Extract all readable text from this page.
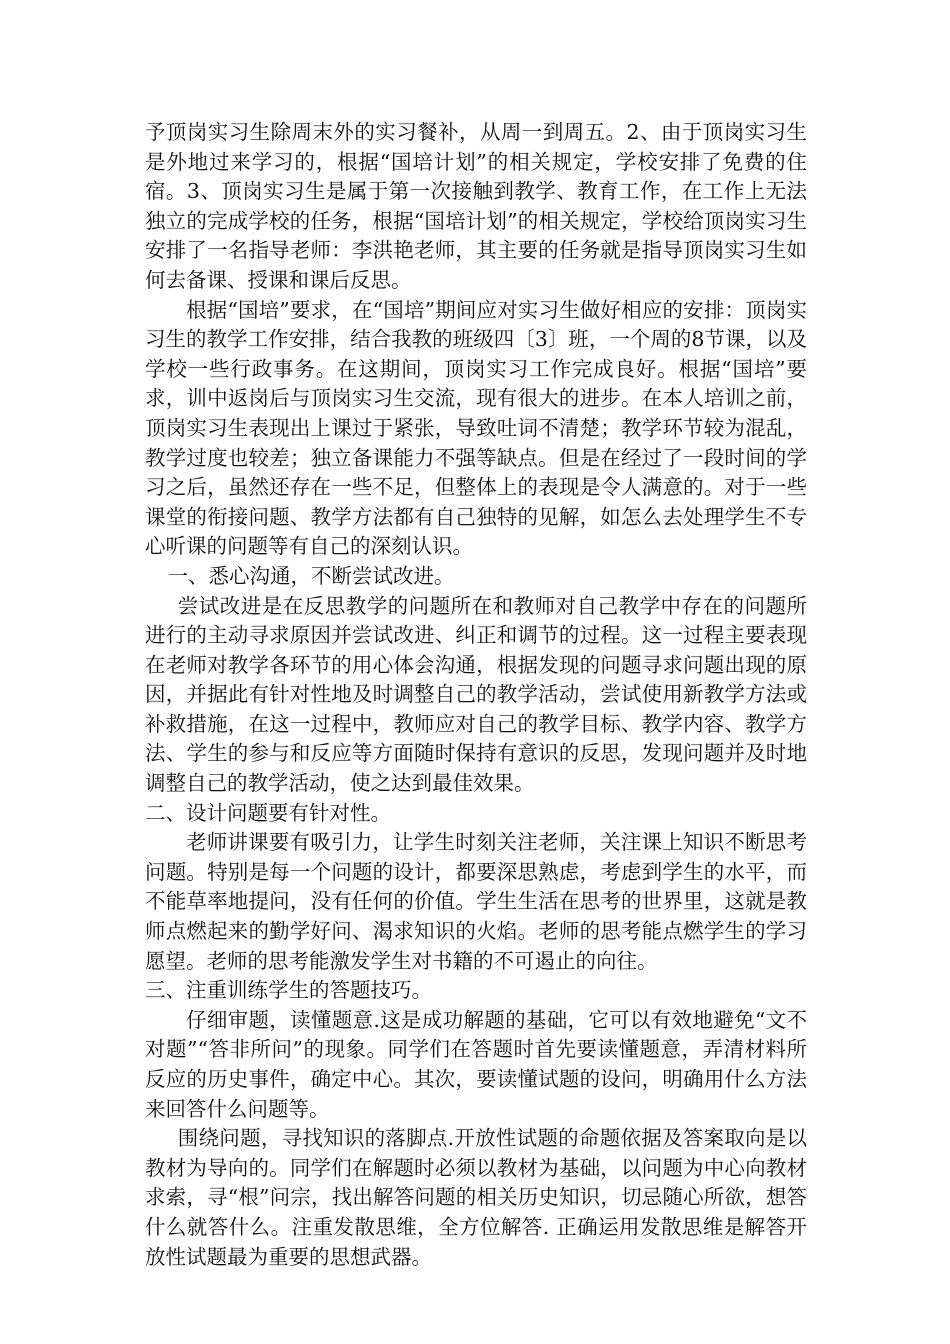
予顶岗实习生除周末外的实习餐补，从周一到周五。2、由于顶岗实习生是外地过来学习的，根据“国培计划”的相关规定，学校安排了免费的住宿。3、顶岗实习生是属于第一次接触到教学、教育工作，在工作上无法独立的完成学校的任务，根据“国培计划”的相关规定，学校给顶岗实习生安排了一名指导老师：李洪艳老师，其主要的任务就是指导顶岗实习生如何去备课、授课和课后反思。

根据“国培”要求，在“国培”期间应对实习生做好相应的安排：顶岗实习生的教学工作安排，结合我教的班级四〔3〕班，一个周的8节课，以及学校一些行政事务。在这期间，顶岗实习工作完成良好。根据“国培”要求，训中返岗后与顶岗实习生交流，现有很大的进步。在本人培训之前，顶岗实习生表现出上课过于紧张，导致吐词不清楚；教学环节较为混乱，教学过度也较差；独立备课能力不强等缺点。但是在经过了一段时间的学习之后，虽然还存在一些不足，但整体上的表现是令人满意的。对于一些课堂的衔接问题、教学方法都有自己独特的见解，如怎么去处理学生不专心听课的问题等有自己的深刻认识。

一、悉心沟通，不断尝试改进。

尝试改进是在反思教学的问题所在和教师对自己教学中存在的问题所进行的主动寻求原因并尝试改进、纠正和调节的过程。这一过程主要表现在老师对教学各环节的用心体会沟通，根据发现的问题寻求问题出现的原因，并据此有针对性地及时调整自己的教学活动，尝试使用新教学方法或补救措施，在这一过程中，教师应对自己的教学目标、教学内容、教学方法、学生的参与和反应等方面随时保持有意识的反思，发现问题并及时地调整自己的教学活动，使之达到最佳效果。

二、设计问题要有针对性。

老师讲课要有吸引力，让学生时刻关注老师，关注课上知识不断思考问题。特别是每一个问题的设计，都要深思熟虑，考虑到学生的水平，而不能草率地提问，没有任何的价值。学生生活在思考的世界里，这就是教师点燃起来的勤学好问、渴求知识的火焰。老师的思考能点燃学生的学习愿望。老师的思考能激发学生对书籍的不可遏止的向往。

三、注重训练学生的答题技巧。

仔细审题，读懂题意.这是成功解题的基础，它可以有效地避免“文不对题”“答非所问”的现象。同学们在答题时首先要读懂题意，弄清材料所反应的历史事件，确定中心。其次，要读懂试题的设问，明确用什么方法来回答什么问题等。

围绕问题，寻找知识的落脚点.开放性试题的命题依据及答案取向是以教材为导向的。同学们在解题时必须以教材为基础，以问题为中心向教材求索，寻“根”问宗，找出解答问题的相关历史知识，切忌随心所欲，想答什么就答什么。注重发散思维，全方位解答. 正确运用发散思维是解答开放性试题最为重要的思想武器。
